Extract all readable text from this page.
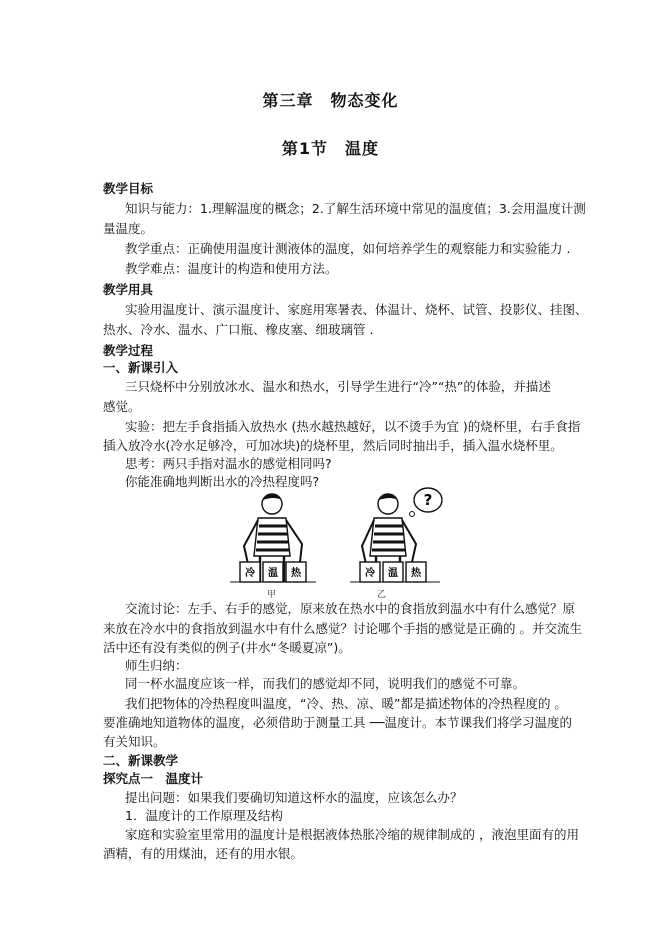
第三章　物态变化
第1节　温度
教学目标
知识与能力：1.理解温度的概念；2.了解生活环境中常见的温度值；3.会用温度计测
量温度。
教学重点：正确使用温度计测液体的温度，如何培养学生的观察能力和实验能力 .
教学难点：温度计的构造和使用方法。
教学用具
实验用温度计、演示温度计、家庭用寒暑表、体温计、烧杯、试管、投影仪、挂图、
热水、冷水、温水、广口瓶、橡皮塞、细玻璃管 .
教学过程
一、新课引入
三只烧杯中分别放冰水、温水和热水，引导学生进行“冷”“热”的体验，并描述
感觉。
实验：把左手食指插入放热水 (热水越热越好，以不烫手为宜 )的烧杯里，右手食指
插入放冷水(冷水足够冷，可加冰块)的烧杯里，然后同时抽出手，插入温水烧杯里。
思考：两只手指对温水的感觉相同吗?
你能准确地判断出水的冷热程度吗?
冷 温 热
?
冷 温 热
甲	乙
交流讨论：左手、右手的感觉，原来放在热水中的食指放到温水中有什么感觉？原
来放在冷水中的食指放到温水中有什么感觉？讨论哪个手指的感觉是正确的 。并交流生
活中还有没有类似的例子(井水“冬暖夏凉”)。
师生归纳：
同一杯水温度应该一样，而我们的感觉却不同，说明我们的感觉不可靠。
我们把物体的冷热程度叫温度，“冷、热、凉、暖”都是描述物体的冷热程度的 。
要准确地知道物体的温度，必须借助于测量工具 ──温度计。本节课我们将学习温度的
有关知识。
二、新课教学
探究点一　温度计
提出问题：如果我们要确切知道这杯水的温度，应该怎么办？
1．温度计的工作原理及结构
家庭和实验室里常用的温度计是根据液体热胀冷缩的规律制成的 ，液泡里面有的用
酒精，有的用煤油，还有的用水银。
